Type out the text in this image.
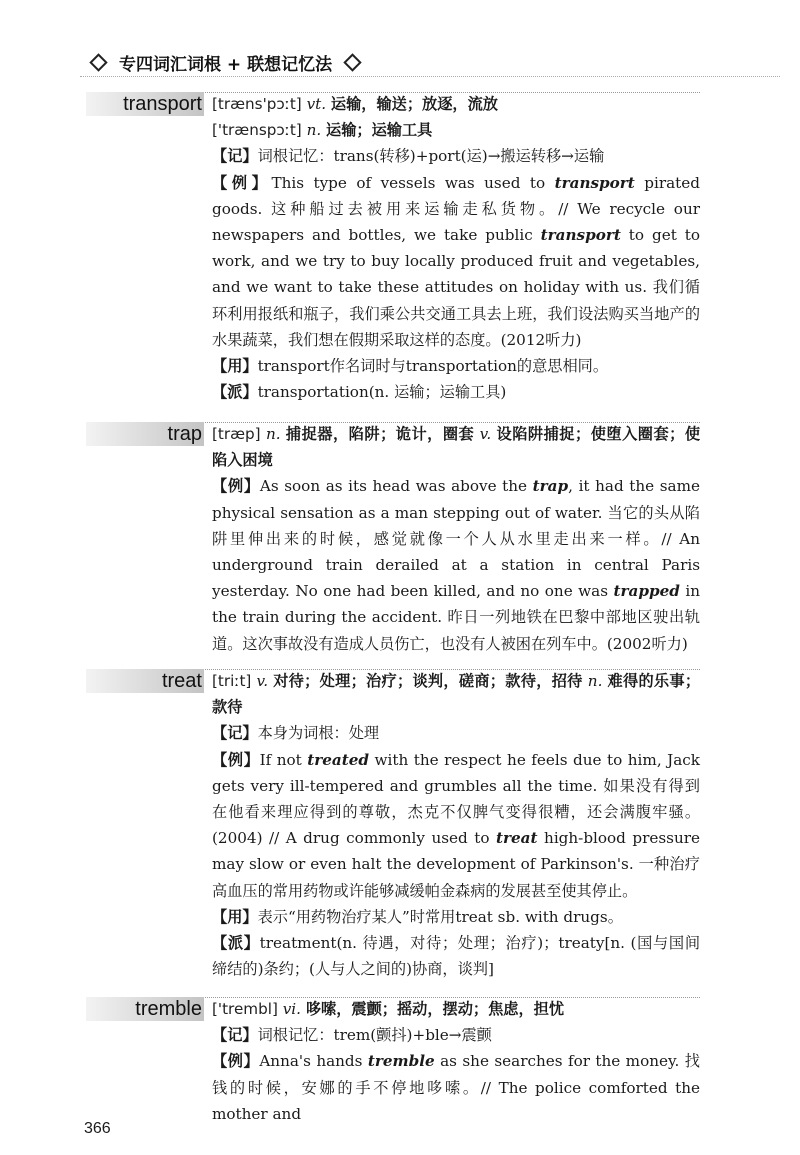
专四词汇词根 + 联想记忆法
transport [træns'pɔːt] vt. 运输，输送；放逐，流放

['trænspɔːt] n. 运输；运输工具

【记】词根记忆：trans(转移)+port(运)→搬运转移→运输

【例】This type of vessels was used to transport pirated goods. 这种船过去被用来运输走私货物。// We recycle our newspapers and bottles, we take public transport to get to work, and we try to buy locally produced fruit and vegetables, and we want to take these attitudes on holiday with us. 我们循环利用报纸和瓶子，我们乘公共交通工具去上班，我们设法购买当地产的水果蔬菜，我们想在假期采取这样的态度。(2012听力)

【用】transport作名词时与transportation的意思相同。

【派】transportation(n. 运输；运输工具)

trap [træp] n. 捕捉器，陷阱；诡计，圈套 v. 设陷阱捕捉；使堕入圈套；使陷入困境

【例】As soon as its head was above the trap, it had the same physical sensation as a man stepping out of water. 当它的头从陷阱里伸出来的时候，感觉就像一个人从水里走出来一样。// An underground train derailed at a station in central Paris yesterday. No one had been killed, and no one was trapped in the train during the accident. 昨日一列地铁在巴黎中部地区驶出轨道。这次事故没有造成人员伤亡，也没有人被困在列车中。(2002听力)

treat [triːt] v. 对待；处理；治疗；谈判，磋商；款待，招待 n. 难得的乐事；款待

【记】本身为词根：处理

【例】If not treated with the respect he feels due to him, Jack gets very ill-tempered and grumbles all the time. 如果没有得到在他看来理应得到的尊敬，杰克不仅脾气变得很糟，还会满腹牢骚。(2004) // A drug commonly used to treat high-blood pressure may slow or even halt the development of Parkinson's. 一种治疗高血压的常用药物或许能够减缓帕金森病的发展甚至使其停止。

【用】表示“用药物治疗某人”时常用treat sb. with drugs。

【派】treatment(n. 待遇，对待；处理；治疗)；treaty[n. (国与国间缔结的)条约；(人与人之间的)协商，谈判]

tremble ['trembl] vi. 哆嗦，震颤；摇动，摆动；焦虑，担忧

【记】词根记忆：trem(颤抖)+ble→震颤

【例】Anna's hands tremble as she searches for the money. 找钱的时候，安娜的手不停地哆嗦。// The police comforted the mother and

366
